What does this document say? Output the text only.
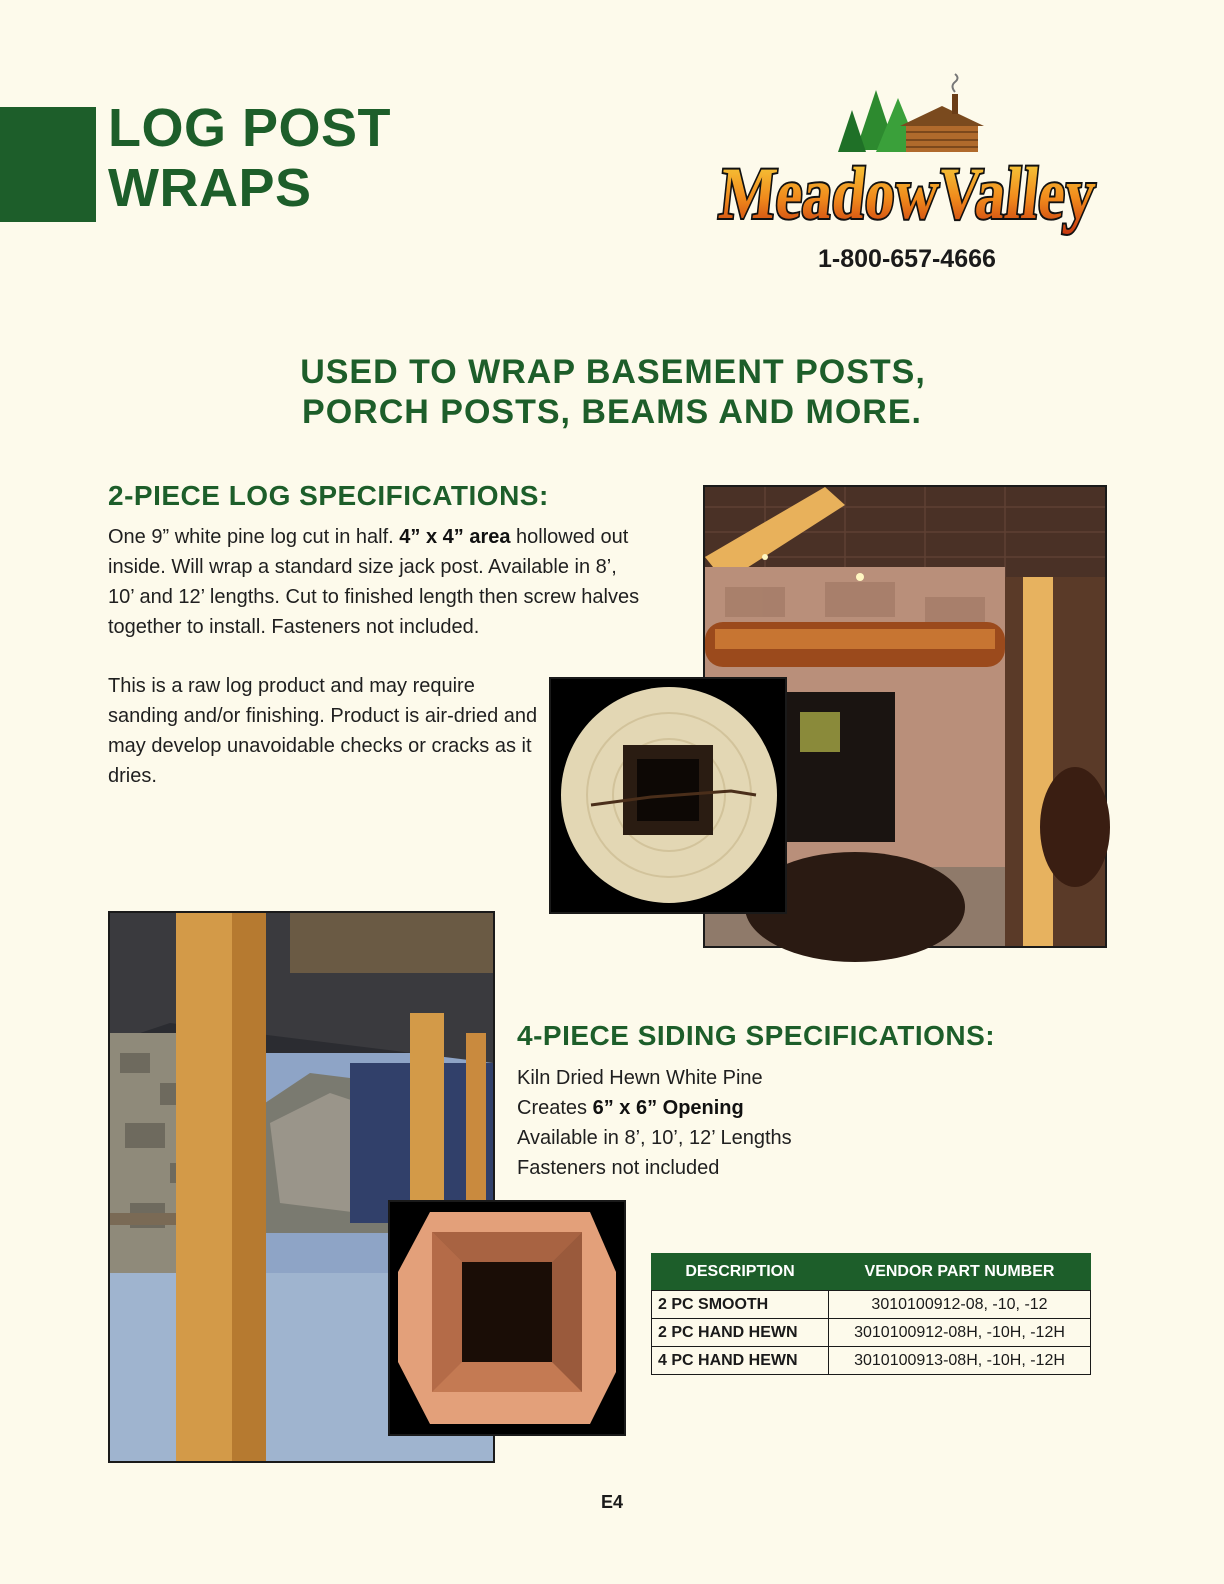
LOG POST
WRAPS	MeadowValley
1-800-657-4666
USED TO WRAP BASEMENT POSTS,
PORCH POSTS, BEAMS AND MORE.
2-PIECE LOG SPECIFICATIONS:

One 9” white pine log cut in half. 4” x 4” area hollowed out inside. Will wrap a standard size jack post. Available in 8’, 10’ and 12’ lengths. Cut to finished length then screw halves together to install. Fasteners not included.

This is a raw log product and may require sanding and/or finishing. Product is air-dried and may develop unavoidable checks or cracks as it dries.

4-PIECE SIDING SPECIFICATIONS:
Kiln Dried Hewn White Pine
Creates 6” x 6” Opening
Available in 8’, 10’, 12’ Lengths
Fasteners not included
DESCRIPTION	VENDOR PART NUMBER
2 PC SMOOTH	3010100912-08, -10, -12
2 PC HAND HEWN	3010100912-08H, -10H, -12H
4 PC HAND HEWN	3010100913-08H, -10H, -12H
E4
